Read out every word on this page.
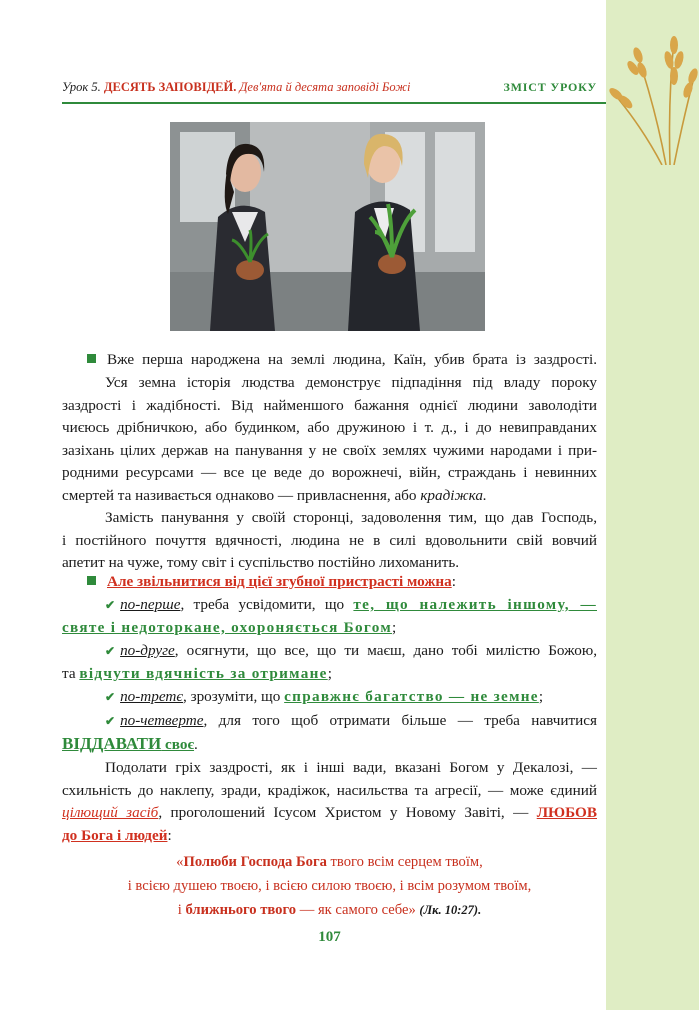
Урок 5. ДЕСЯТЬ ЗАПОВІДЕЙ. Дев'ята й десята заповіді Божі	ЗМІСТ УРОКУ
Вже перша народжена на землі людина, Каїн, убив брата із заздрості.
Уся земна історія людства демонструє підпадіння під владу пороку
заздрості і жадібності. Від найменшого бажання однієї людини заволодіти
чиєюсь дрібничкою, або будинком, або дружиною і т. д., і до невиправданих
зазіхань цілих держав на панування у не своїх землях чужими народами і при-
родними ресурсами — все це веде до ворожнечі, війн, страждань і невинних
смертей та називається однаково — привласнення, або крадіжка.
Замість панування у своїй сторонці, задоволення тим, що дав Господь,
і постійного почуття вдячності, людина не в силі вдовольнити свій вовчий
апетит на чуже, тому світ і суспільство постійно лихоманить.
Але звільнитися від цієї згубної пристрасті можна:
✔ по-перше, треба усвідомити, що те, що належить іншому, —
святе і недоторкане, охороняється Богом;
✔ по-друге, осягнути, що все, що ти маєш, дано тобі милістю Божою,
та відчути вдячність за отримане;
✔ по-третє, зрозуміти, що справжнє багатство — не земне;
✔ по-четверте, для того щоб отримати більше — треба навчитися
ВІДДАВАТИ своє.
Подолати гріх заздрості, як і інші вади, вказані Богом у Декалозі, —
схильність до наклепу, зради, крадіжок, насильства та агресії, — може єдиний
цілющий засіб, проголошений Ісусом Христом у Новому Завіті, — ЛЮБОВ
до Бога і людей:
«Полюби Господа Бога твого всім серцем твоїм,
і всією душею твоєю, і всією силою твоєю, і всім розумом твоїм,
і ближнього твого — як самого себе» (Лк. 10:27).
107
